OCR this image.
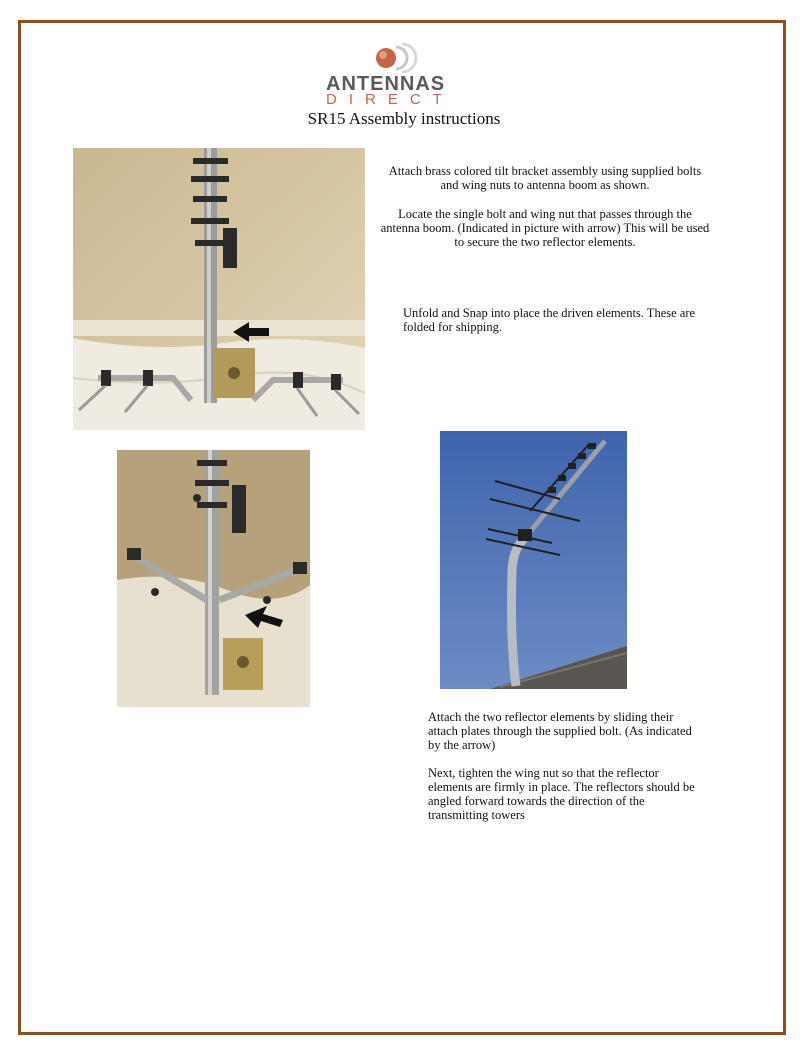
ANTENNAS
DIRECT
SR15 Assembly instructions
Attach brass colored tilt bracket assembly using supplied bolts and wing nuts to antenna boom as shown.
Locate the single bolt and wing nut that passes through the antenna boom. (Indicated in picture with arrow) This will be used to secure the two reflector elements.
Unfold and Snap into place the driven elements. These are folded for shipping.
Attach the two reflector elements by sliding their attach plates through the supplied bolt. (As indicated by the arrow)
Next, tighten the wing nut so that the reflector elements are firmly in place. The reflectors should be angled forward towards the direction of the transmitting towers
